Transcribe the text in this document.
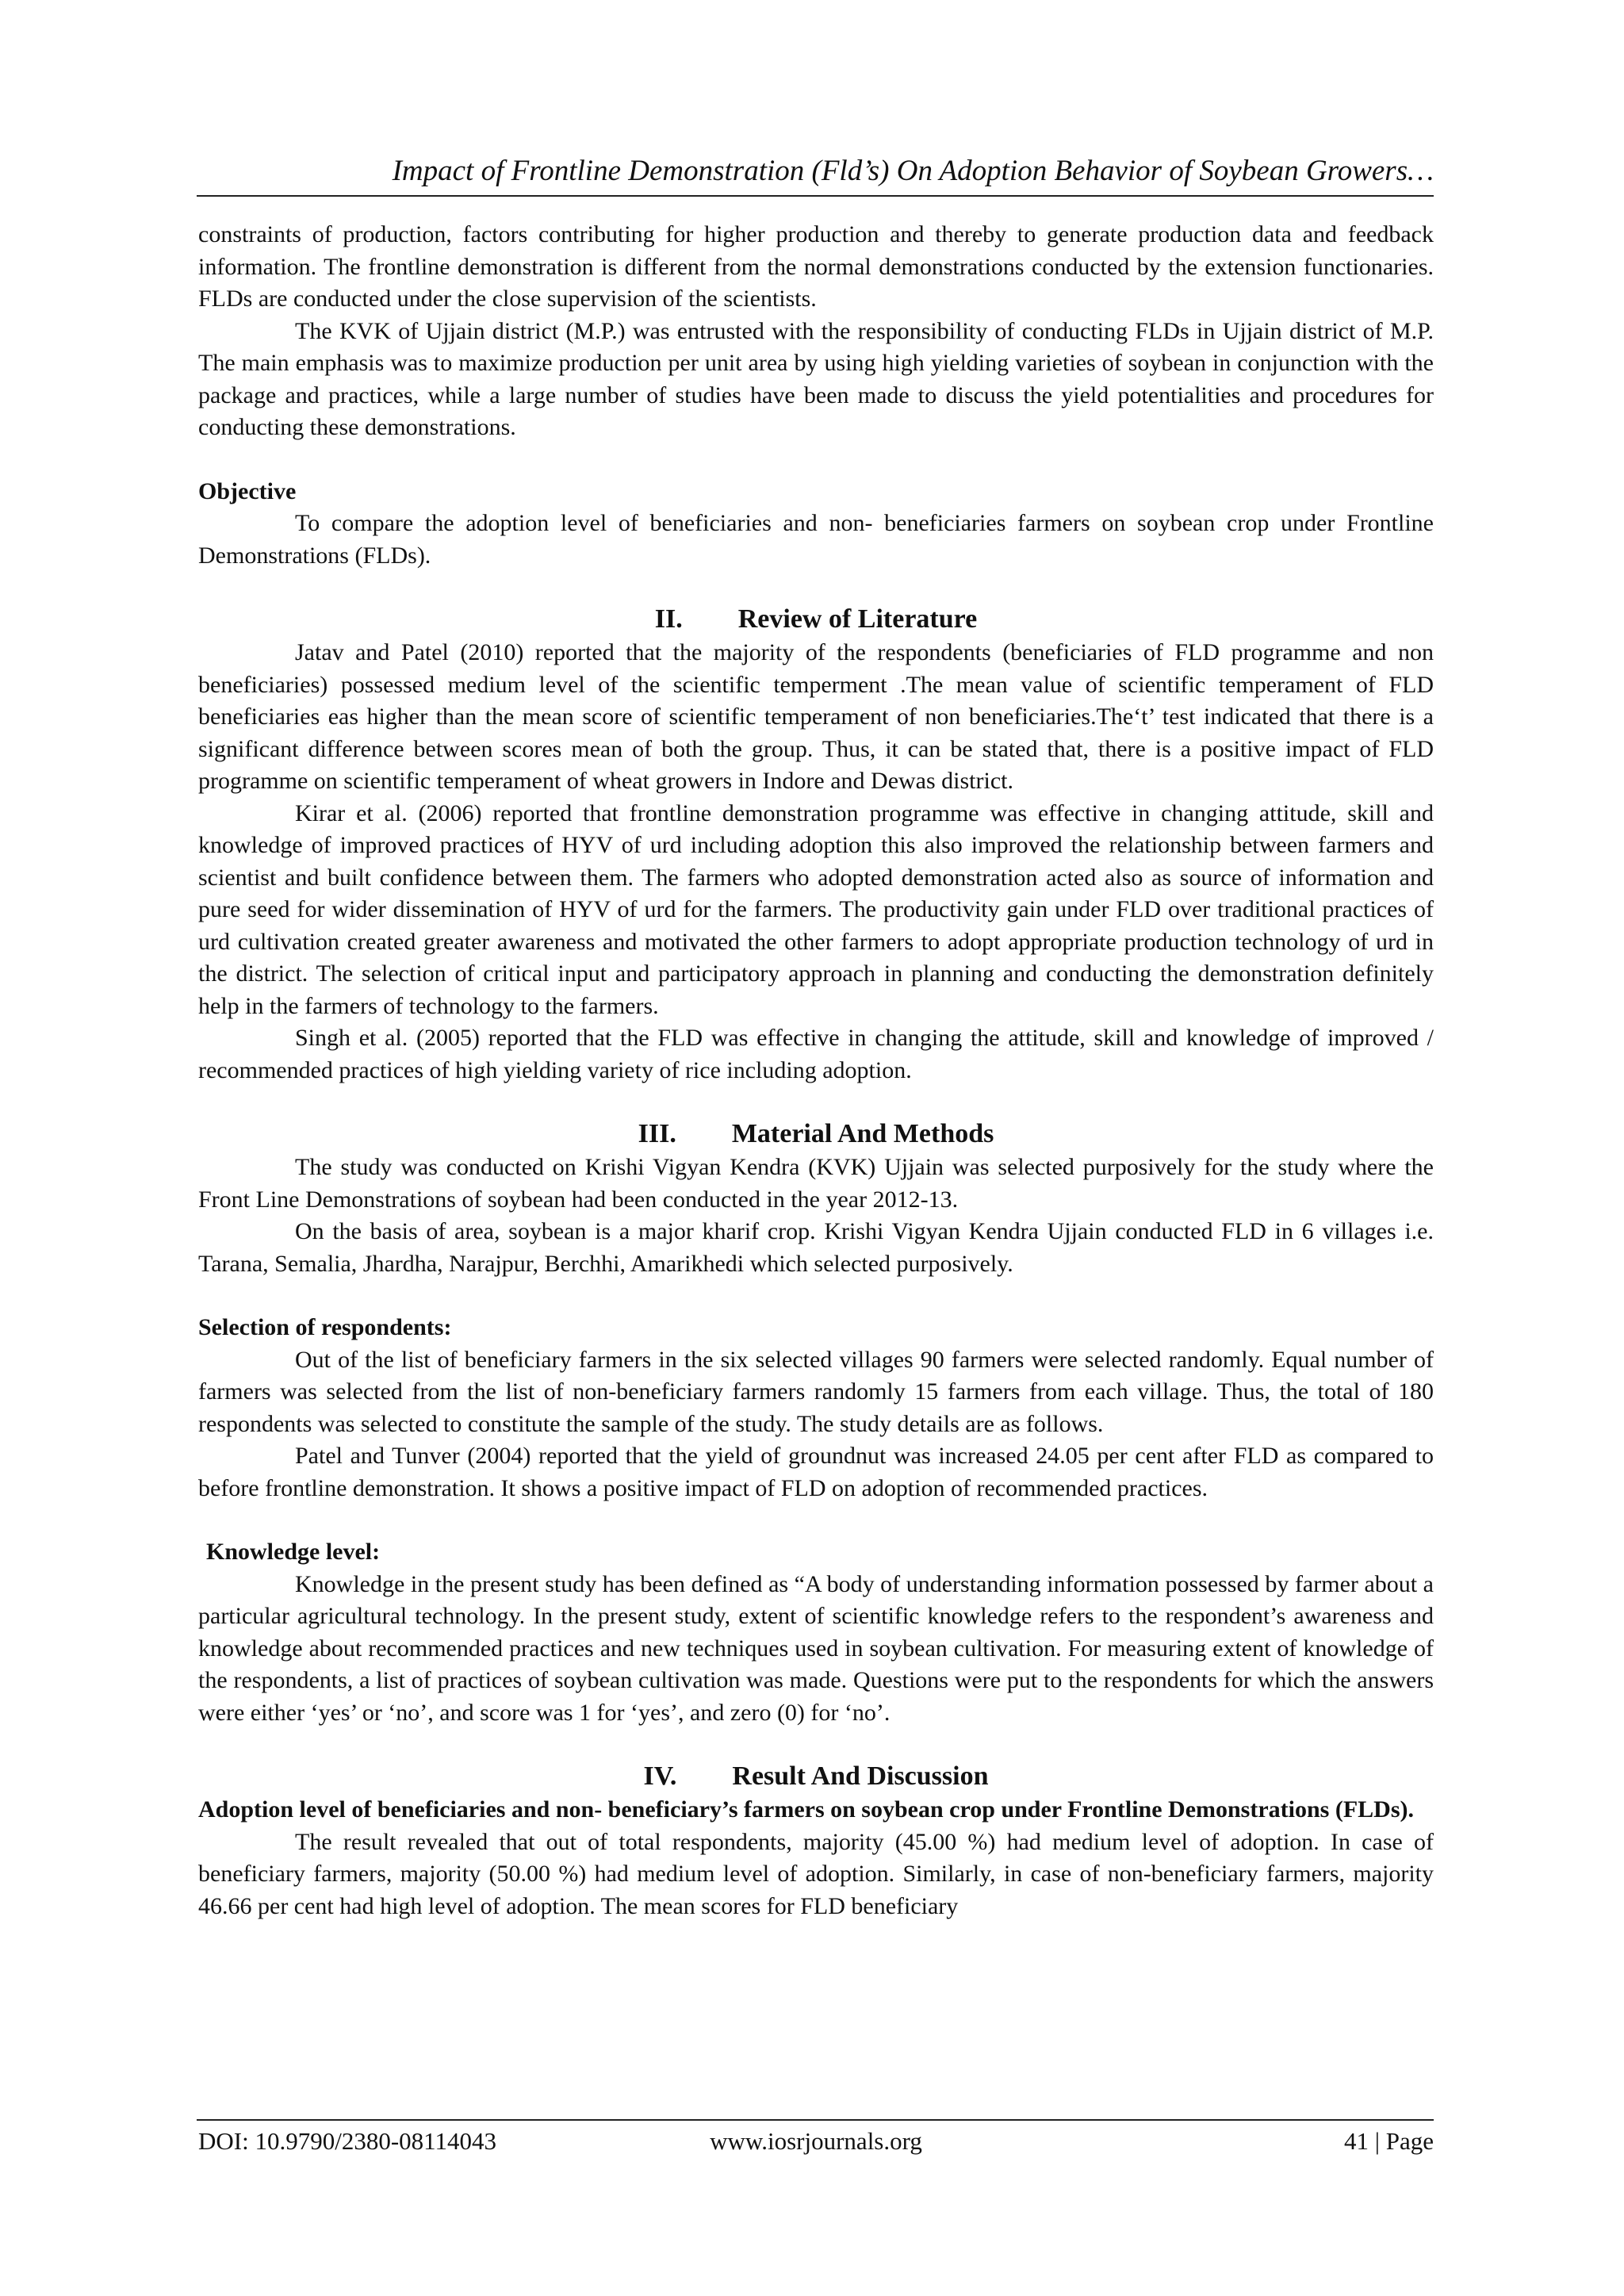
Impact of Frontline Demonstration (Fld’s) On Adoption Behavior of Soybean Growers…

constraints of production, factors contributing for higher production and thereby to generate production data and feedback information. The frontline demonstration is different from the normal demonstrations conducted by the extension functionaries. FLDs are conducted under the close supervision of the scientists.

The KVK of Ujjain district (M.P.) was entrusted with the responsibility of conducting FLDs in Ujjain district of M.P. The main emphasis was to maximize production per unit area by using high yielding varieties of soybean in conjunction with the package and practices, while a large number of studies have been made to discuss the yield potentialities and procedures for conducting these demonstrations.

Objective

To compare the adoption level of beneficiaries and non- beneficiaries farmers on soybean crop under Frontline Demonstrations (FLDs).

II. Review of Literature

Jatav and Patel (2010) reported that the majority of the respondents (beneficiaries of FLD programme and non beneficiaries) possessed medium level of the scientific temperment .The mean value of scientific temperament of FLD beneficiaries eas higher than the mean score of scientific temperament of non beneficiaries.The‘t’ test indicated that there is a significant difference between scores mean of both the group. Thus, it can be stated that, there is a positive impact of FLD programme on scientific temperament of wheat growers in Indore and Dewas district.

Kirar et al. (2006) reported that frontline demonstration programme was effective in changing attitude, skill and knowledge of improved practices of HYV of urd including adoption this also improved the relationship between farmers and scientist and built confidence between them. The farmers who adopted demonstration acted also as source of information and pure seed for wider dissemination of HYV of urd for the farmers. The productivity gain under FLD over traditional practices of urd cultivation created greater awareness and motivated the other farmers to adopt appropriate production technology of urd in the district. The selection of critical input and participatory approach in planning and conducting the demonstration definitely help in the farmers of technology to the farmers.

Singh et al. (2005) reported that the FLD was effective in changing the attitude, skill and knowledge of improved / recommended practices of high yielding variety of rice including adoption.

III. Material And Methods

The study was conducted on Krishi Vigyan Kendra (KVK) Ujjain was selected purposively for the study where the Front Line Demonstrations of soybean had been conducted in the year 2012-13.

On the basis of area, soybean is a major kharif crop. Krishi Vigyan Kendra Ujjain conducted FLD in 6 villages i.e. Tarana, Semalia, Jhardha, Narajpur, Berchhi, Amarikhedi which selected purposively.

Selection of respondents:

Out of the list of beneficiary farmers in the six selected villages 90 farmers were selected randomly. Equal number of farmers was selected from the list of non-beneficiary farmers randomly 15 farmers from each village. Thus, the total of 180 respondents was selected to constitute the sample of the study. The study details are as follows.

Patel and Tunver (2004) reported that the yield of groundnut was increased 24.05 per cent after FLD as compared to before frontline demonstration. It shows a positive impact of FLD on adoption of recommended practices.

Knowledge level:

Knowledge in the present study has been defined as “A body of understanding information possessed by farmer about a particular agricultural technology. In the present study, extent of scientific knowledge refers to the respondent’s awareness and knowledge about recommended practices and new techniques used in soybean cultivation. For measuring extent of knowledge of the respondents, a list of practices of soybean cultivation was made. Questions were put to the respondents for which the answers were either ‘yes’ or ‘no’, and score was 1 for ‘yes’, and zero (0) for ‘no’.

IV. Result And Discussion

Adoption level of beneficiaries and non- beneficiary’s farmers on soybean crop under Frontline Demonstrations (FLDs).

The result revealed that out of total respondents, majority (45.00 %) had medium level of adoption. In case of beneficiary farmers, majority (50.00 %) had medium level of adoption. Similarly, in case of non-beneficiary farmers, majority 46.66 per cent had high level of adoption. The mean scores for FLD beneficiary

DOI: 10.9790/2380-08114043	www.iosrjournals.org	41 | Page
